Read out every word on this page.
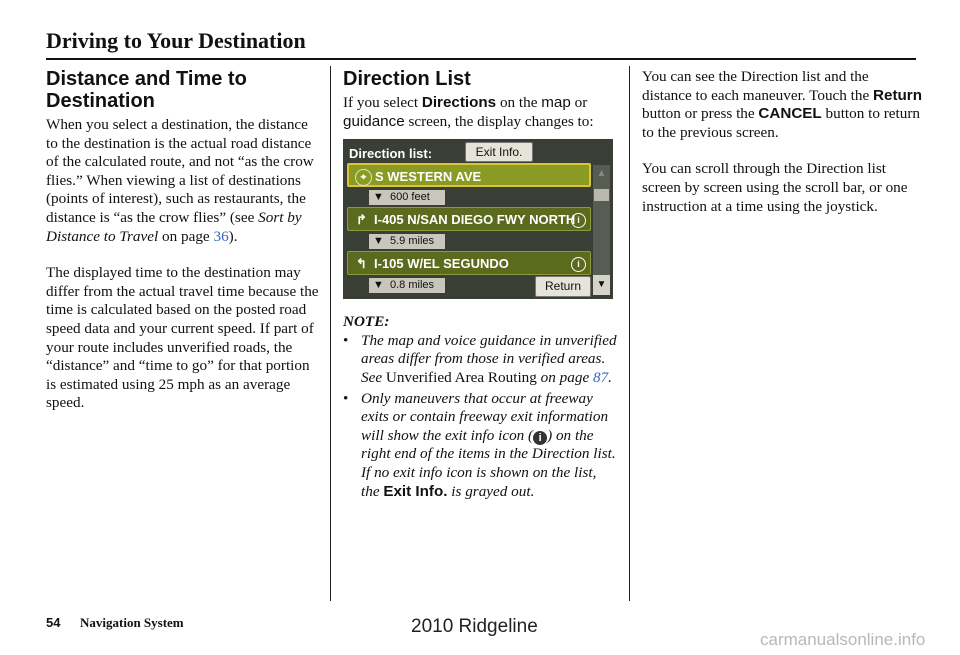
Driving to Your Destination
Distance and Time to Destination

When you select a destination, the distance to the destination is the actual road distance of the calculated route, and not “as the crow flies.” When viewing a list of destinations (points of interest), such as restaurants, the distance is “as the crow flies” (see Sort by Distance to Travel on page 36).

The displayed time to the destination may differ from the actual travel time because the time is calculated based on the posted road speed data and your current speed. If part of your route includes unverified roads, the “distance” and “time to go” for that portion is estimated using 25 mph as an average speed.

Direction List

If you select Directions on the map or guidance screen, the display changes to:

Direction list:	Exit Info.
⌖ S WESTERN AVE
▼  600 feet
↱ I-405 N/SAN DIEGO FWY NORTH i
▼  5.9 miles
↰ I-105 W/EL SEGUNDO	i
▼  0.8 miles	Return
▲
▼
NOTE:
• The map and voice guidance in unverified areas differ from those in verified areas. See Unverified Area Routing on page 87.
• Only maneuvers that occur at freeway exits or contain freeway exit information will show the exit info icon (i ) on the right end of the items in the Direction list. If no exit info icon is shown on the list, the Exit Info. is grayed out.

You can see the Direction list and the distance to each maneuver. Touch the Return button or press the CANCEL button to return to the previous screen.

You can scroll through the Direction list screen by screen using the scroll bar, or one instruction at a time using the joystick.

54 Navigation System	2010 Ridgeline
carmanualsonline.info
